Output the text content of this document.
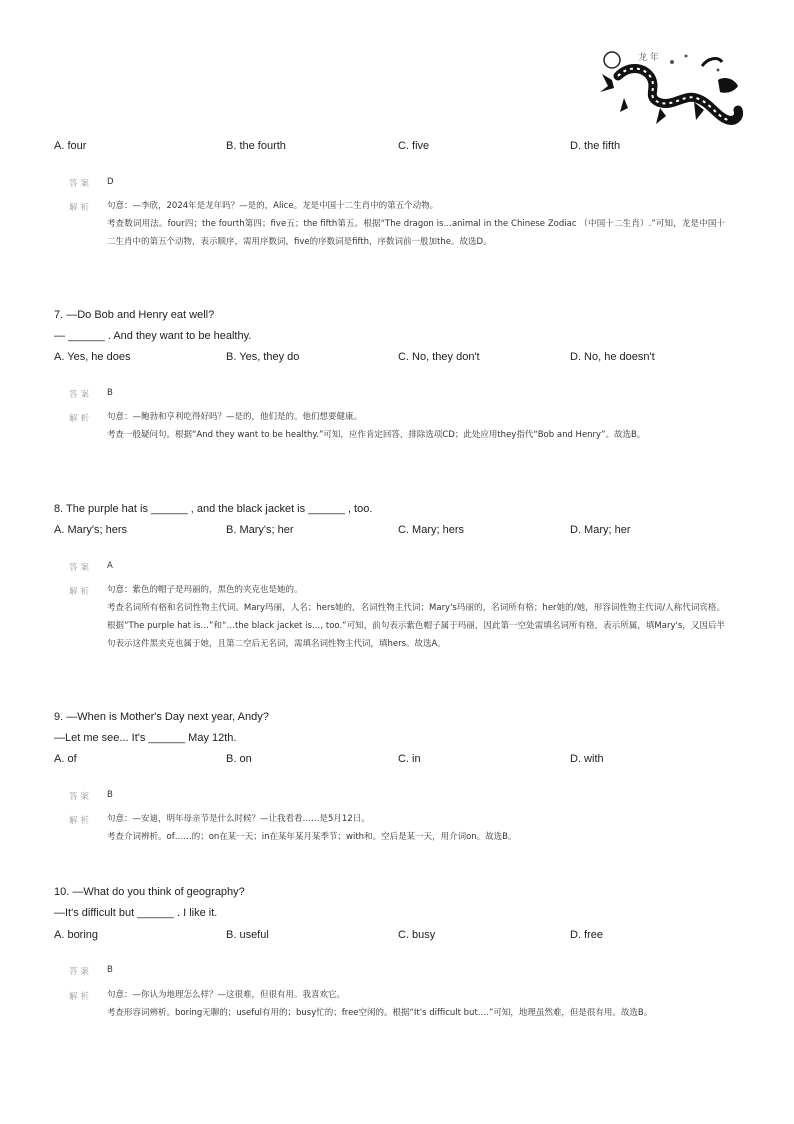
龙 年
A. four	B. the fourth	C. five	D. the fifth
答案 D
解析 句意：—李欣，2024年是龙年吗？—是的，Alice。龙是中国十二生肖中的第五个动物。
考查数词用法。four四；the fourth第四；five五；the fifth第五。根据“The dragon is…animal in the Chinese Zodiac （中国十二生肖）.”可知，龙是中国十二生肖中的第五个动物，表示顺序，需用序数词，five的序数词是fifth，序数词前一般加the。故选D。
7. —Do Bob and Henry eat well?
— ______ . And they want to be healthy.
A. Yes, he does	B. Yes, they do	C. No, they don't	D. No, he doesn't
答案 B
解析 句意：—鲍勃和亨利吃得好吗？—是的，他们是的。他们想要健康。
考查一般疑问句。根据“And they want to be healthy.”可知，应作肯定回答，排除选项CD；此处应用they指代“Bob and Henry”。故选B。
8. The purple hat is ______ , and the black jacket is ______ , too.
A. Mary's; hers	B. Mary's; her	C. Mary; hers	D. Mary; her
答案 A
解析 句意：紫色的帽子是玛丽的，黑色的夹克也是她的。
考查名词所有格和名词性物主代词。Mary玛丽，人名；hers她的，名词性物主代词；Mary's玛丽的，名词所有格；her她的/她，形容词性物主代词/人称代词宾格。根据“The purple hat is…”和“…the black jacket is…, too.”可知，前句表示紫色帽子属于玛丽，因此第一空处需填名词所有格，表示所属，填Mary's，又因后半句表示这件黑夹克也属于她，且第二空后无名词，需填名词性物主代词，填hers。故选A。
9. —When is Mother's Day next year, Andy?
—Let me see... It's ______ May 12th.
A. of	B. on	C. in	D. with
答案 B
解析 句意：—安迪，明年母亲节是什么时候？—让我看看……是5月12日。
考查介词辨析。of……的；on在某一天；in在某年某月某季节；with和。空后是某一天，用介词on。故选B。
10. —What do you think of geography?
—It's difficult but ______ . I like it.
A. boring	B. useful	C. busy	D. free
答案 B
解析 句意：—你认为地理怎么样？—这很难，但很有用。我喜欢它。
考查形容词辨析。boring无聊的；useful有用的；busy忙的；free空闲的。根据“It's difficult but….”可知，地理虽然难，但是很有用。故选B。
